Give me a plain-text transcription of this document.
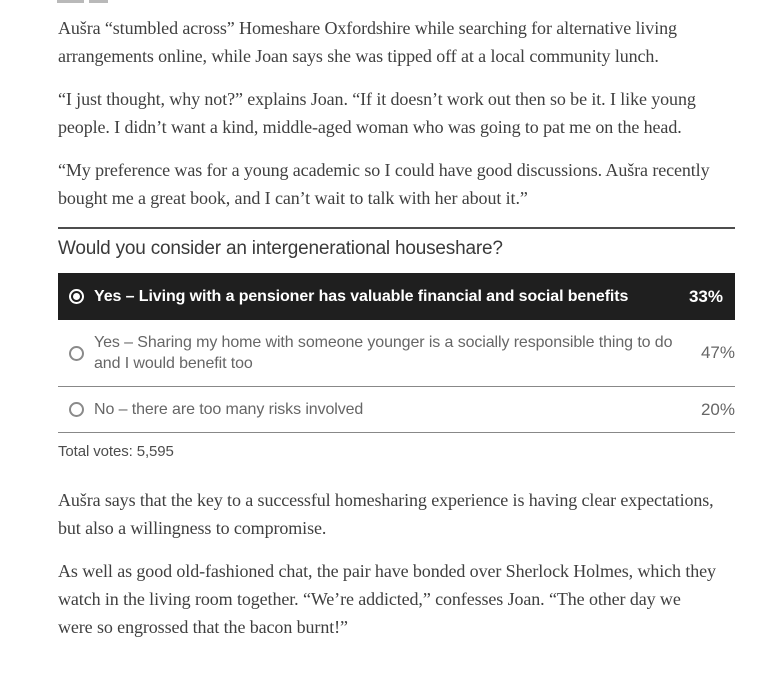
Aušra “stumbled across” Homeshare Oxfordshire while searching for alternative living arrangements online, while Joan says she was tipped off at a local community lunch.

“I just thought, why not?” explains Joan. “If it doesn’t work out then so be it. I like young people. I didn’t want a kind, middle-aged woman who was going to pat me on the head.

“My preference was for a young academic so I could have good discussions. Aušra recently bought me a great book, and I can’t wait to talk with her about it.”

Would you consider an intergenerational houseshare?
Yes – Living with a pensioner has valuable financial and social benefits	33%
Yes – Sharing my home with someone younger is a socially responsible thing to do and I would benefit too
47%
No – there are too many risks involved	20%
Total votes: 5,595

Aušra says that the key to a successful homesharing experience is having clear expectations, but also a willingness to compromise.

As well as good old-fashioned chat, the pair have bonded over Sherlock Holmes, which they watch in the living room together. “We’re addicted,” confesses Joan. “The other day we were so engrossed that the bacon burnt!”
